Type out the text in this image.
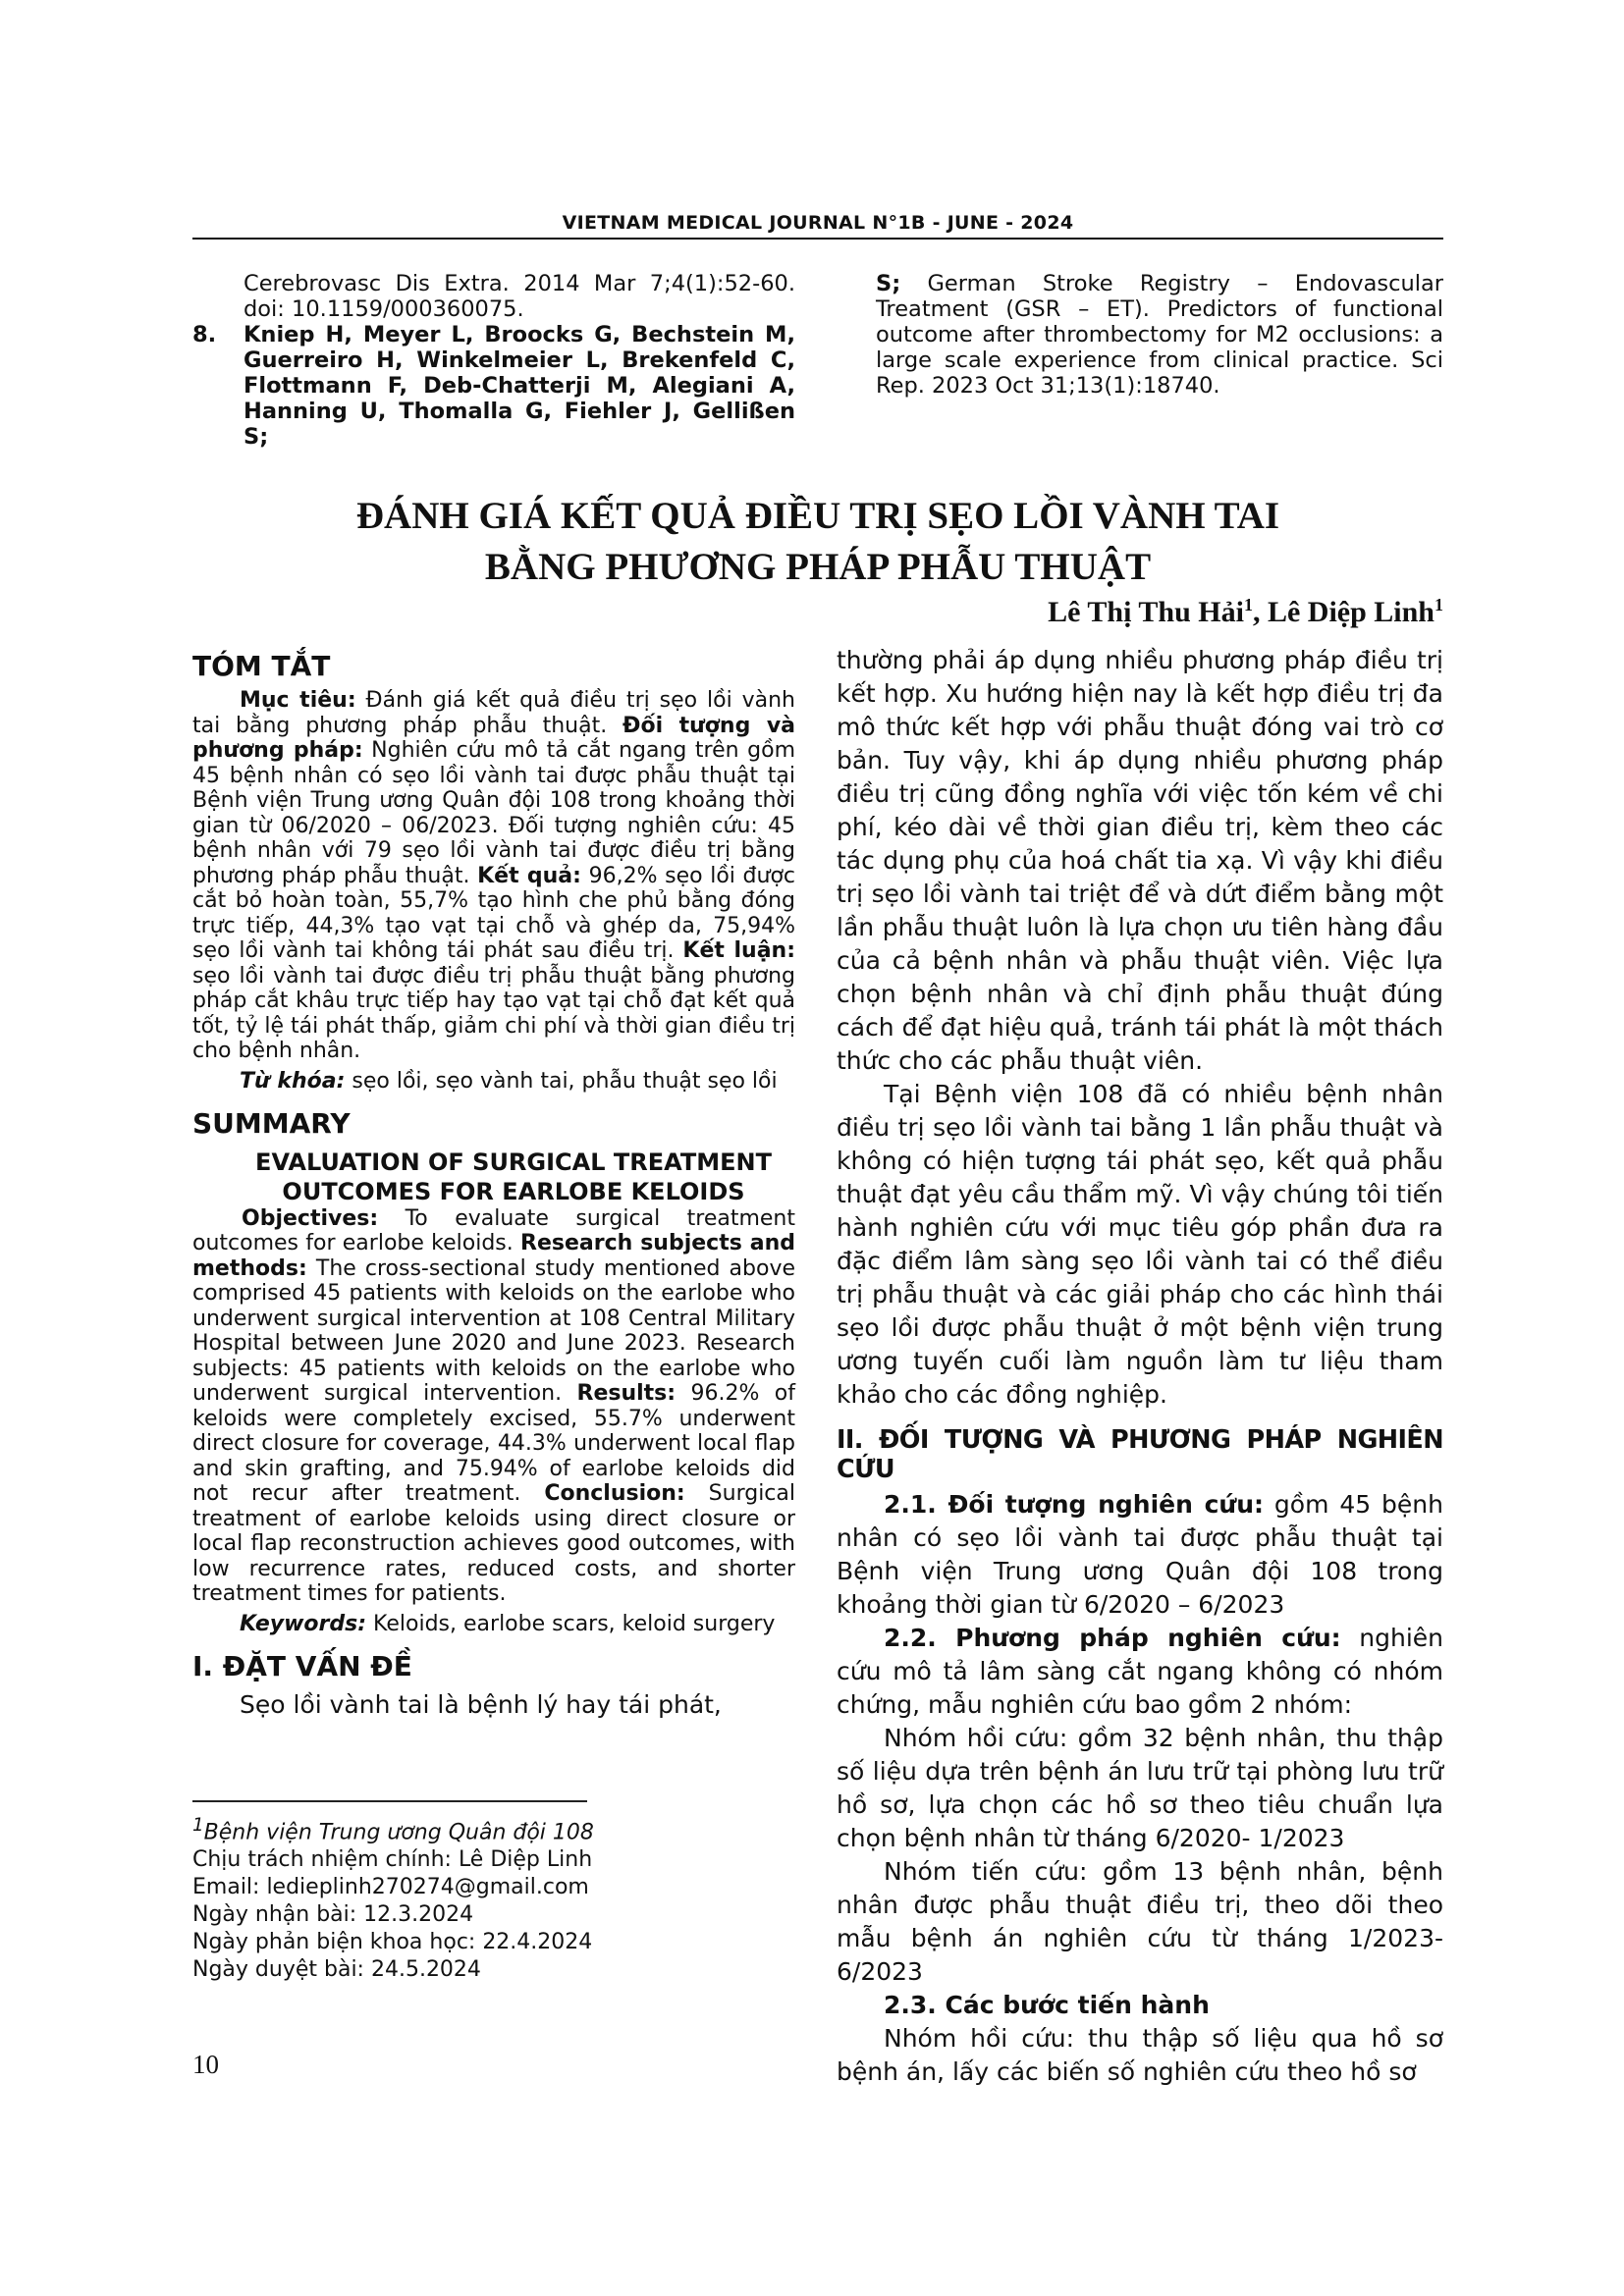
VIETNAM MEDICAL JOURNAL N°1B - JUNE - 2024
Cerebrovasc Dis Extra. 2014 Mar 7;4(1):52-60. doi: 10.1159/000360075.
8.	Kniep H, Meyer L, Broocks G, Bechstein M, Guerreiro H, Winkelmeier L, Brekenfeld C, Flottmann F, Deb-Chatterji M, Alegiani A, Hanning U, Thomalla G, Fiehler J, Gellißen S;
S; German Stroke Registry – Endovascular Treatment (GSR – ET). Predictors of functional outcome after thrombectomy for M2 occlusions: a large scale experience from clinical practice. Sci Rep. 2023 Oct 31;13(1):18740.
ĐÁNH GIÁ KẾT QUẢ ĐIỀU TRỊ SẸO LỒI VÀNH TAI
BẰNG PHƯƠNG PHÁP PHẪU THUẬT
Lê Thị Thu Hải$^1$, Lê Diệp Linh$^1$
TÓM TẮT

Mục tiêu: Đánh giá kết quả điều trị sẹo lồi vành tai bằng phương pháp phẫu thuật. Đối tượng và phương pháp: Nghiên cứu mô tả cắt ngang trên gồm 45 bệnh nhân có sẹo lồi vành tai được phẫu thuật tại Bệnh viện Trung ương Quân đội 108 trong khoảng thời gian từ 06/2020 – 06/2023. Đối tượng nghiên cứu: 45 bệnh nhân với 79 sẹo lồi vành tai được điều trị bằng phương pháp phẫu thuật. Kết quả: 96,2% sẹo lồi được cắt bỏ hoàn toàn, 55,7% tạo hình che phủ bằng đóng trực tiếp, 44,3% tạo vạt tại chỗ và ghép da, 75,94% sẹo lồi vành tai không tái phát sau điều trị. Kết luận: sẹo lồi vành tai được điều trị phẫu thuật bằng phương pháp cắt khâu trực tiếp hay tạo vạt tại chỗ đạt kết quả tốt, tỷ lệ tái phát thấp, giảm chi phí và thời gian điều trị cho bệnh nhân.

Từ khóa: sẹo lồi, sẹo vành tai, phẫu thuật sẹo lồi

SUMMARY
EVALUATION OF SURGICAL TREATMENT
OUTCOMES FOR EARLOBE KELOIDS

Objectives: To evaluate surgical treatment outcomes for earlobe keloids. Research subjects and methods: The cross-sectional study mentioned above comprised 45 patients with keloids on the earlobe who underwent surgical intervention at 108 Central Military Hospital between June 2020 and June 2023. Research subjects: 45 patients with keloids on the earlobe who underwent surgical intervention. Results: 96.2% of keloids were completely excised, 55.7% underwent direct closure for coverage, 44.3% underwent local flap and skin grafting, and 75.94% of earlobe keloids did not recur after treatment. Conclusion: Surgical treatment of earlobe keloids using direct closure or local flap reconstruction achieves good outcomes, with low recurrence rates, reduced costs, and shorter treatment times for patients.

Keywords: Keloids, earlobe scars, keloid surgery

I. ĐẶT VẤN ĐỀ

Sẹo lồi vành tai là bệnh lý hay tái phát,

thường phải áp dụng nhiều phương pháp điều trị kết hợp. Xu hướng hiện nay là kết hợp điều trị đa mô thức kết hợp với phẫu thuật đóng vai trò cơ bản. Tuy vậy, khi áp dụng nhiều phương pháp điều trị cũng đồng nghĩa với việc tốn kém về chi phí, kéo dài về thời gian điều trị, kèm theo các tác dụng phụ của hoá chất tia xạ. Vì vậy khi điều trị sẹo lồi vành tai triệt để và dứt điểm bằng một lần phẫu thuật luôn là lựa chọn ưu tiên hàng đầu của cả bệnh nhân và phẫu thuật viên. Việc lựa chọn bệnh nhân và chỉ định phẫu thuật đúng cách để đạt hiệu quả, tránh tái phát là một thách thức cho các phẫu thuật viên.

Tại Bệnh viện 108 đã có nhiều bệnh nhân điều trị sẹo lồi vành tai bằng 1 lần phẫu thuật và không có hiện tượng tái phát sẹo, kết quả phẫu thuật đạt yêu cầu thẩm mỹ. Vì vậy chúng tôi tiến hành nghiên cứu với mục tiêu góp phần đưa ra đặc điểm lâm sàng sẹo lồi vành tai có thể điều trị phẫu thuật và các giải pháp cho các hình thái sẹo lồi được phẫu thuật ở một bệnh viện trung ương tuyến cuối làm nguồn làm tư liệu tham khảo cho các đồng nghiệp.

II. ĐỐI TƯỢNG VÀ PHƯƠNG PHÁP NGHIÊN CỨU

2.1. Đối tượng nghiên cứu: gồm 45 bệnh nhân có sẹo lồi vành tai được phẫu thuật tại Bệnh viện Trung ương Quân đội 108 trong khoảng thời gian từ 6/2020 – 6/2023

2.2. Phương pháp nghiên cứu: nghiên cứu mô tả lâm sàng cắt ngang không có nhóm chứng, mẫu nghiên cứu bao gồm 2 nhóm:

Nhóm hồi cứu: gồm 32 bệnh nhân, thu thập số liệu dựa trên bệnh án lưu trữ tại phòng lưu trữ hồ sơ, lựa chọn các hồ sơ theo tiêu chuẩn lựa chọn bệnh nhân từ tháng 6/2020- 1/2023

Nhóm tiến cứu: gồm 13 bệnh nhân, bệnh nhân được phẫu thuật điều trị, theo dõi theo mẫu bệnh án nghiên cứu từ tháng 1/2023- 6/2023

2.3. Các bước tiến hành

Nhóm hồi cứu: thu thập số liệu qua hồ sơ bệnh án, lấy các biến số nghiên cứu theo hồ sơ

$^1$Bệnh viện Trung ương Quân đội 108
Chịu trách nhiệm chính: Lê Diệp Linh
Email: ledieplinh270274@gmail.com
Ngày nhận bài: 12.3.2024
Ngày phản biện khoa học: 22.4.2024
Ngày duyệt bài: 24.5.2024
10
